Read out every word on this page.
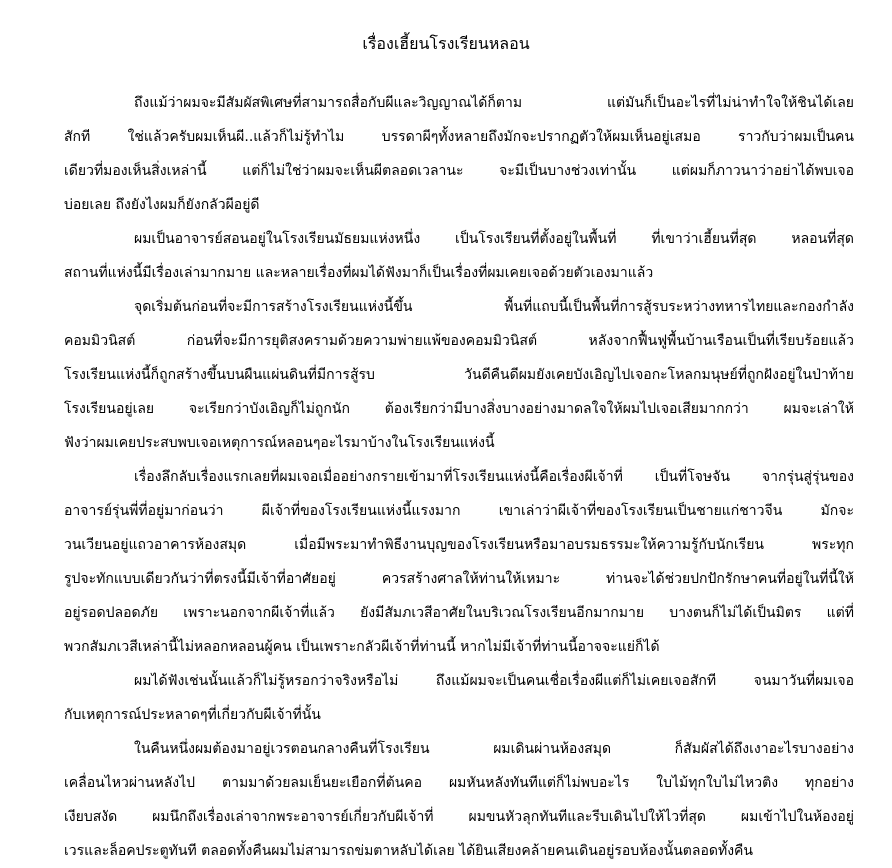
เรื่องเฮี้ยนโรงเรียนหลอน
ถึงแม้ว่าผมจะมีสัมผัสพิเศษที่สามารถสื่อกับผีและวิญญาณได้ก็ตาม แต่มันก็เป็นอะไรที่ไม่น่าทำใจให้ชินได้เลย
สักที ใช่แล้วครับผมเห็นผี..แล้วก็ไม่รู้ทำไม บรรดาผีๆทั้งหลายถึงมักจะปรากฏตัวให้ผมเห็นอยู่เสมอ ราวกับว่าผมเป็นคน
เดียวที่มองเห็นสิ่งเหล่านี้ แต่ก็ไม่ใช่ว่าผมจะเห็นผีตลอดเวลานะ จะมีเป็นบางช่วงเท่านั้น แต่ผมก็ภาวนาว่าอย่าได้พบเจอ
บ่อยเลย ถึงยังไงผมก็ยังกลัวผีอยู่ดี
ผมเป็นอาจารย์สอนอยู่ในโรงเรียนมัธยมแห่งหนึ่ง เป็นโรงเรียนที่ตั้งอยู่ในพื้นที่ ที่เขาว่าเฮี้ยนที่สุด หลอนที่สุด
สถานที่แห่งนี้มีเรื่องเล่ามากมาย และหลายเรื่องที่ผมได้ฟังมาก็เป็นเรื่องที่ผมเคยเจอด้วยตัวเองมาแล้ว
จุดเริ่มต้นก่อนที่จะมีการสร้างโรงเรียนแห่งนี้ขึ้น พื้นที่แถบนี้เป็นพื้นที่การสู้รบระหว่างทหารไทยและกองกำลัง
คอมมิวนิสต์ ก่อนที่จะมีการยุติสงครามด้วยความพ่ายแพ้ของคอมมิวนิสต์ หลังจากฟื้นฟูพื้นบ้านเรือนเป็นที่เรียบร้อยแล้ว
โรงเรียนแห่งนี้ก็ถูกสร้างขึ้นบนผืนแผ่นดินที่มีการสู้รบ วันดีคืนดีผมยังเคยบังเอิญไปเจอกะโหลกมนุษย์ที่ถูกฝังอยู่ในป่าท้าย
โรงเรียนอยู่เลย จะเรียกว่าบังเอิญก็ไม่ถูกนัก ต้องเรียกว่ามีบางสิ่งบางอย่างมาดลใจให้ผมไปเจอเสียมากกว่า ผมจะเล่าให้
ฟังว่าผมเคยประสบพบเจอเหตุการณ์หลอนๆอะไรมาบ้างในโรงเรียนแห่งนี้
เรื่องลึกลับเรื่องแรกเลยที่ผมเจอเมื่ออย่างกรายเข้ามาที่โรงเรียนแห่งนี้คือเรื่องผีเจ้าที่ เป็นที่โจษจัน จากรุ่นสู่รุ่นของ
อาจารย์รุ่นพี่ที่อยู่มาก่อนว่า ผีเจ้าที่ของโรงเรียนแห่งนี้แรงมาก เขาเล่าว่าผีเจ้าที่ของโรงเรียนเป็นชายแก่ชาวจีน มักจะ
วนเวียนอยู่แถวอาคารห้องสมุด เมื่อมีพระมาทำพิธีงานบุญของโรงเรียนหรือมาอบรมธรรมะให้ความรู้กับนักเรียน พระทุก
รูปจะทักแบบเดียวกันว่าที่ตรงนี้มีเจ้าที่อาศัยอยู่ ควรสร้างศาลให้ท่านให้เหมาะ ท่านจะได้ช่วยปกปักรักษาคนที่อยู่ในที่นี้ให้
อยู่รอดปลอดภัย เพราะนอกจากผีเจ้าที่แล้ว ยังมีสัมภเวสีอาศัยในบริเวณโรงเรียนอีกมากมาย บางตนก็ไม่ได้เป็นมิตร แต่ที่
พวกสัมภเวสีเหล่านี้ไม่หลอกหลอนผู้คน เป็นเพราะกลัวผีเจ้าที่ท่านนี้ หากไม่มีเจ้าที่ท่านนี้อาจจะแย่ก็ได้
ผมได้ฟังเช่นนั้นแล้วก็ไม่รู้หรอกว่าจริงหรือไม่ ถึงแม้ผมจะเป็นคนเชื่อเรื่องผีแต่ก็ไม่เคยเจอสักที จนมาวันที่ผมเจอ
กับเหตุการณ์ประหลาดๆที่เกี่ยวกับผีเจ้าที่นั้น
ในคืนหนึ่งผมต้องมาอยู่เวรตอนกลางคืนที่โรงเรียน ผมเดินผ่านห้องสมุด ก็สัมผัสได้ถึงเงาอะไรบางอย่าง
เคลื่อนไหวผ่านหลังไป ตามมาด้วยลมเย็นยะเยือกที่ต้นคอ ผมหันหลังทันทีแต่ก็ไม่พบอะไร ใบไม้ทุกใบไม่ไหวติง ทุกอย่าง
เงียบสงัด ผมนึกถึงเรื่องเล่าจากพระอาจารย์เกี่ยวกับผีเจ้าที่ ผมขนหัวลุกทันทีและรีบเดินไปให้ไวที่สุด ผมเข้าไปในห้องอยู่
เวรและล็อคประตูทันที ตลอดทั้งคืนผมไม่สามารถข่มตาหลับได้เลย ได้ยินเสียงคล้ายคนเดินอยู่รอบห้องนั้นตลอดทั้งคืน
